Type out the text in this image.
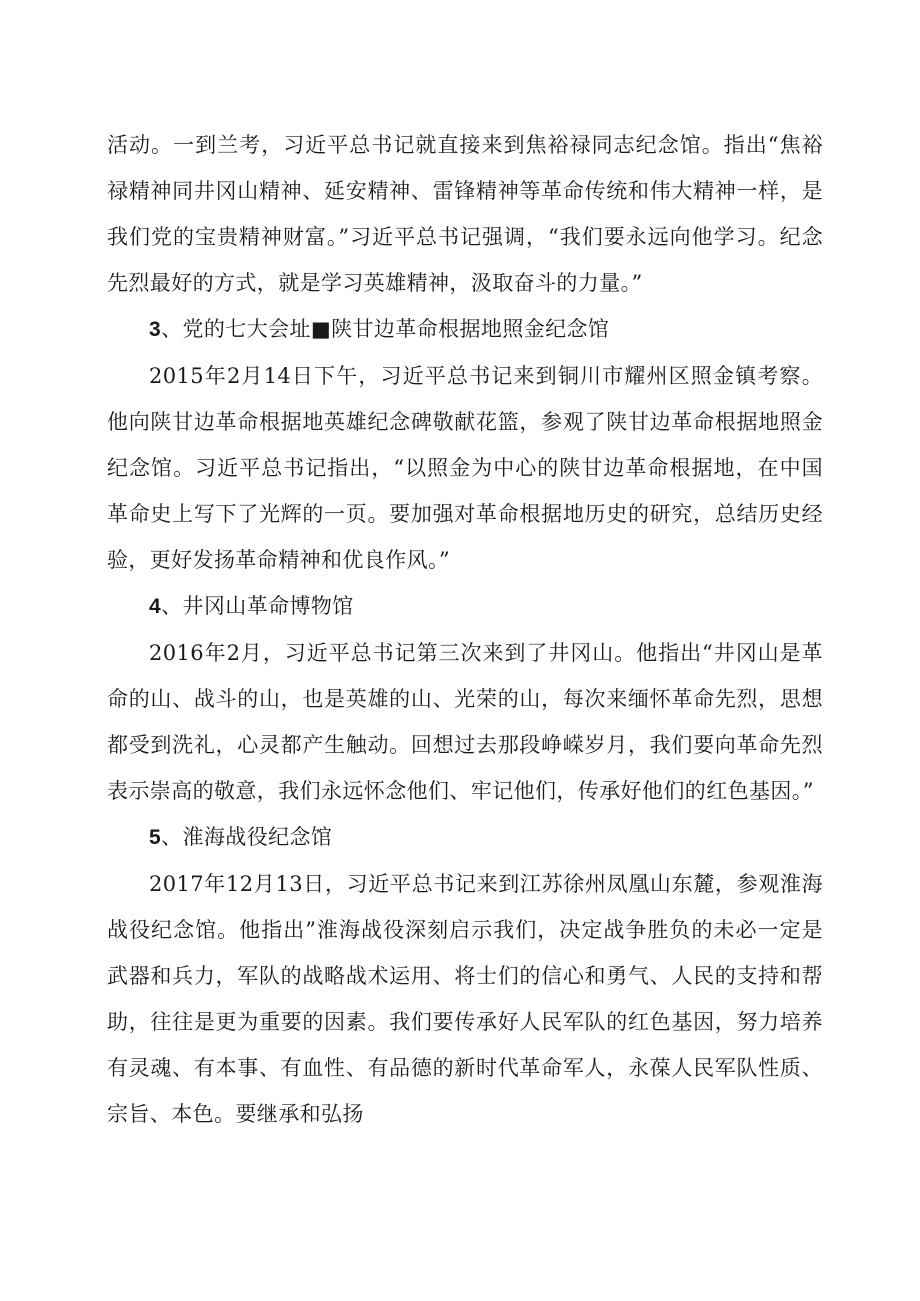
活动。一到兰考，习近平总书记就直接来到焦裕禄同志纪念馆。指出“焦裕禄精神同井冈山精神、延安精神、雷锋精神等革命传统和伟大精神一样，是我们党的宝贵精神财富。”习近平总书记强调，“我们要永远向他学习。纪念先烈最好的方式，就是学习英雄精神，汲取奋斗的力量。”

3、党的七大会址■陕甘边革命根据地照金纪念馆

2015年2月14日下午，习近平总书记来到铜川市耀州区照金镇考察。他向陕甘边革命根据地英雄纪念碑敬献花篮，参观了陕甘边革命根据地照金纪念馆。习近平总书记指出，“以照金为中心的陕甘边革命根据地，在中国革命史上写下了光辉的一页。要加强对革命根据地历史的研究，总结历史经验，更好发扬革命精神和优良作风。”

4、井冈山革命博物馆

2016年2月，习近平总书记第三次来到了井冈山。他指出“井冈山是革命的山、战斗的山，也是英雄的山、光荣的山，每次来缅怀革命先烈，思想都受到洗礼，心灵都产生触动。回想过去那段峥嵘岁月，我们要向革命先烈表示崇高的敬意，我们永远怀念他们、牢记他们，传承好他们的红色基因。”

5、淮海战役纪念馆

2017年12月13日，习近平总书记来到江苏徐州凤凰山东麓，参观淮海战役纪念馆。他指出”淮海战役深刻启示我们，决定战争胜负的未必一定是武器和兵力，军队的战略战术运用、将士们的信心和勇气、人民的支持和帮助，往往是更为重要的因素。我们要传承好人民军队的红色基因，努力培养有灵魂、有本事、有血性、有品德的新时代革命军人，永葆人民军队性质、宗旨、本色。要继承和弘扬
